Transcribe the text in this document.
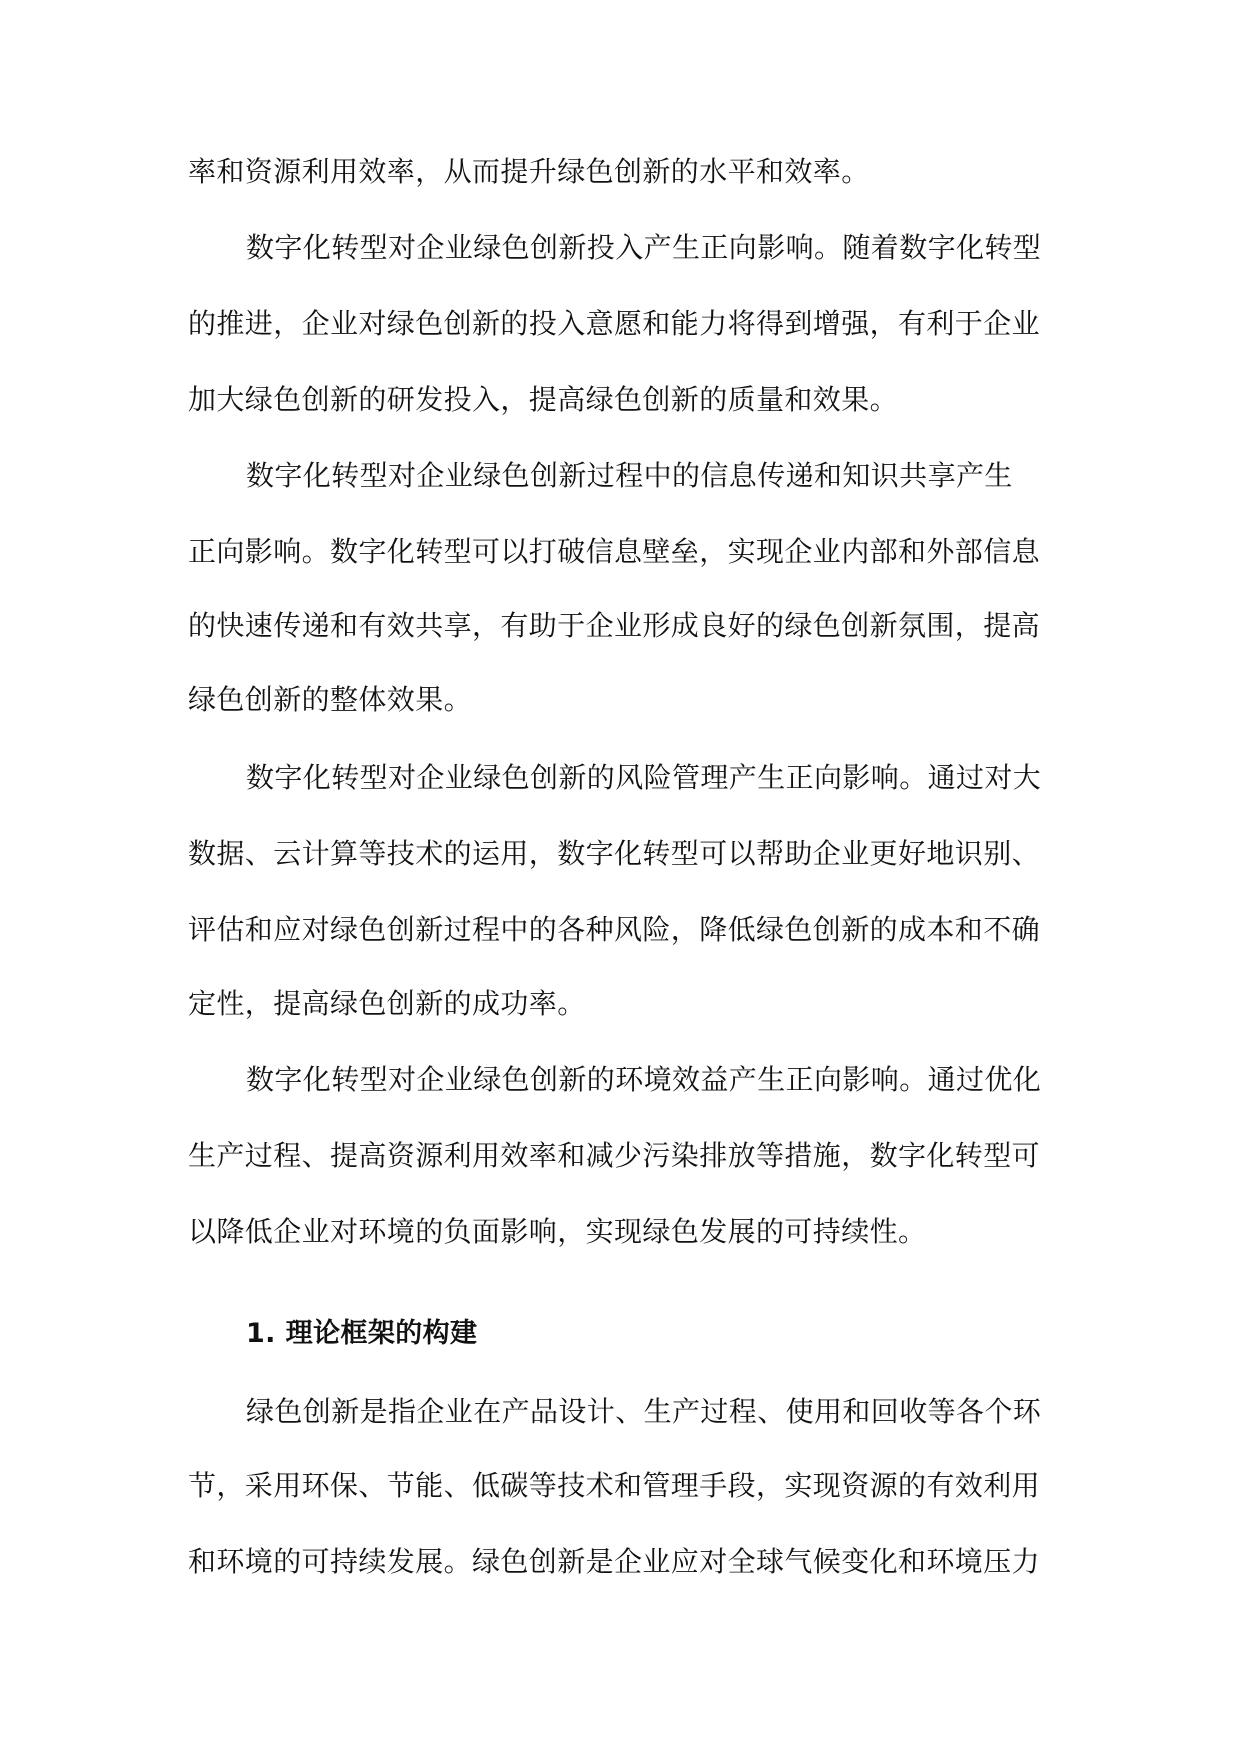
率和资源利用效率，从而提升绿色创新的水平和效率。
数字化转型对企业绿色创新投入产生正向影响。随着数字化转型
的推进，企业对绿色创新的投入意愿和能力将得到增强，有利于企业
加大绿色创新的研发投入，提高绿色创新的质量和效果。
数字化转型对企业绿色创新过程中的信息传递和知识共享产生
正向影响。数字化转型可以打破信息壁垒，实现企业内部和外部信息
的快速传递和有效共享，有助于企业形成良好的绿色创新氛围，提高
绿色创新的整体效果。
数字化转型对企业绿色创新的风险管理产生正向影响。通过对大
数据、云计算等技术的运用，数字化转型可以帮助企业更好地识别、
评估和应对绿色创新过程中的各种风险，降低绿色创新的成本和不确
定性，提高绿色创新的成功率。
数字化转型对企业绿色创新的环境效益产生正向影响。通过优化
生产过程、提高资源利用效率和减少污染排放等措施，数字化转型可
以降低企业对环境的负面影响，实现绿色发展的可持续性。
1. 理论框架的构建
绿色创新是指企业在产品设计、生产过程、使用和回收等各个环
节，采用环保、节能、低碳等技术和管理手段，实现资源的有效利用
和环境的可持续发展。绿色创新是企业应对全球气候变化和环境压力
